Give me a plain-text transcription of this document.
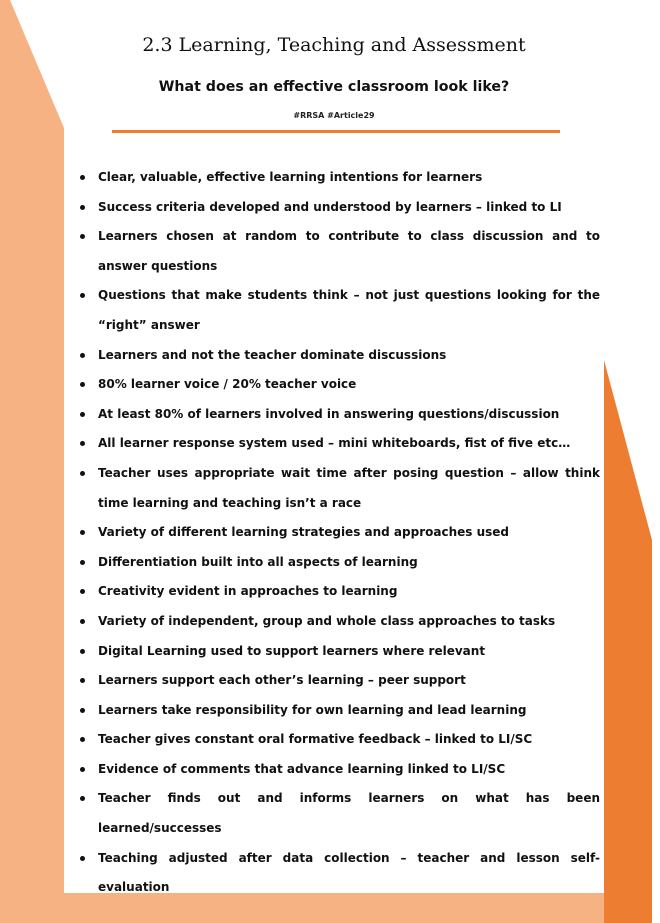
2.3 Learning, Teaching and Assessment
What does an effective classroom look like?
#RRSA #Article29
Clear, valuable, effective learning intentions for learners
Success criteria developed and understood by learners – linked to LI
Learners chosen at random to contribute to class discussion and to answer questions
Questions that make students think – not just questions looking for the “right” answer
Learners and not the teacher dominate discussions
80% learner voice / 20% teacher voice
At least 80% of learners involved in answering questions/discussion
All learner response system used – mini whiteboards, fist of five etc…
Teacher uses appropriate wait time after posing question – allow think time learning and teaching isn’t a race
Variety of different learning strategies and approaches used
Differentiation built into all aspects of learning
Creativity evident in approaches to learning
Variety of independent, group and whole class approaches to tasks
Digital Learning used to support learners where relevant
Learners support each other’s learning – peer support
Learners take responsibility for own learning and lead learning
Teacher gives constant oral formative feedback – linked to LI/SC
Evidence of comments that advance learning linked to LI/SC
Teacher finds out and informs learners on what has been learned/successes
Teaching adjusted after data collection – teacher and lesson self-evaluation
